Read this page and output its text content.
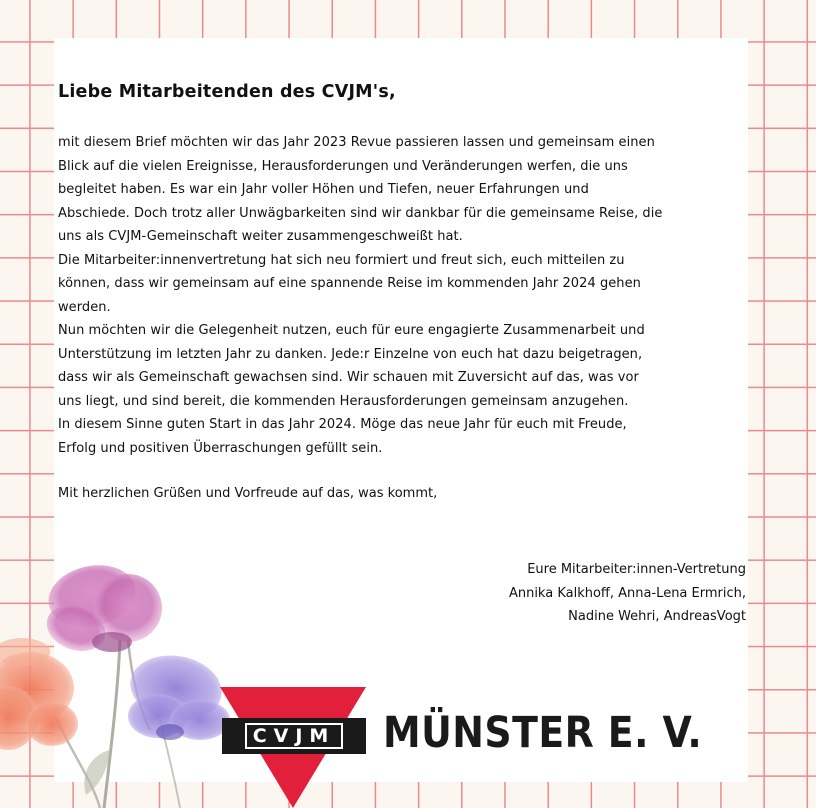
Liebe Mitarbeitenden des CVJM's,

mit diesem Brief möchten wir das Jahr 2023 Revue passieren lassen und gemeinsam einen
Blick auf die vielen Ereignisse, Herausforderungen und Veränderungen werfen, die uns
begleitet haben. Es war ein Jahr voller Höhen und Tiefen, neuer Erfahrungen und
Abschiede. Doch trotz aller Unwägbarkeiten sind wir dankbar für die gemeinsame Reise, die
uns als CVJM-Gemeinschaft weiter zusammengeschweißt hat.
Die Mitarbeiter:innenvertretung hat sich neu formiert und freut sich, euch mitteilen zu
können, dass wir gemeinsam auf eine spannende Reise im kommenden Jahr 2024 gehen
werden.
Nun möchten wir die Gelegenheit nutzen, euch für eure engagierte Zusammenarbeit und
Unterstützung im letzten Jahr zu danken. Jede:r Einzelne von euch hat dazu beigetragen,
dass wir als Gemeinschaft gewachsen sind. Wir schauen mit Zuversicht auf das, was vor
uns liegt, und sind bereit, die kommenden Herausforderungen gemeinsam anzugehen.
In diesem Sinne guten Start in das Jahr 2024. Möge das neue Jahr für euch mit Freude,
Erfolg und positiven Überraschungen gefüllt sein.

Mit herzlichen Grüßen und Vorfreude auf das, was kommt,

Eure Mitarbeiter:innen-Vertretung
Annika Kalkhoff, Anna-Lena Ermrich,
Nadine Wehri, AndreasVogt
CVJM MÜNSTER E. V.
